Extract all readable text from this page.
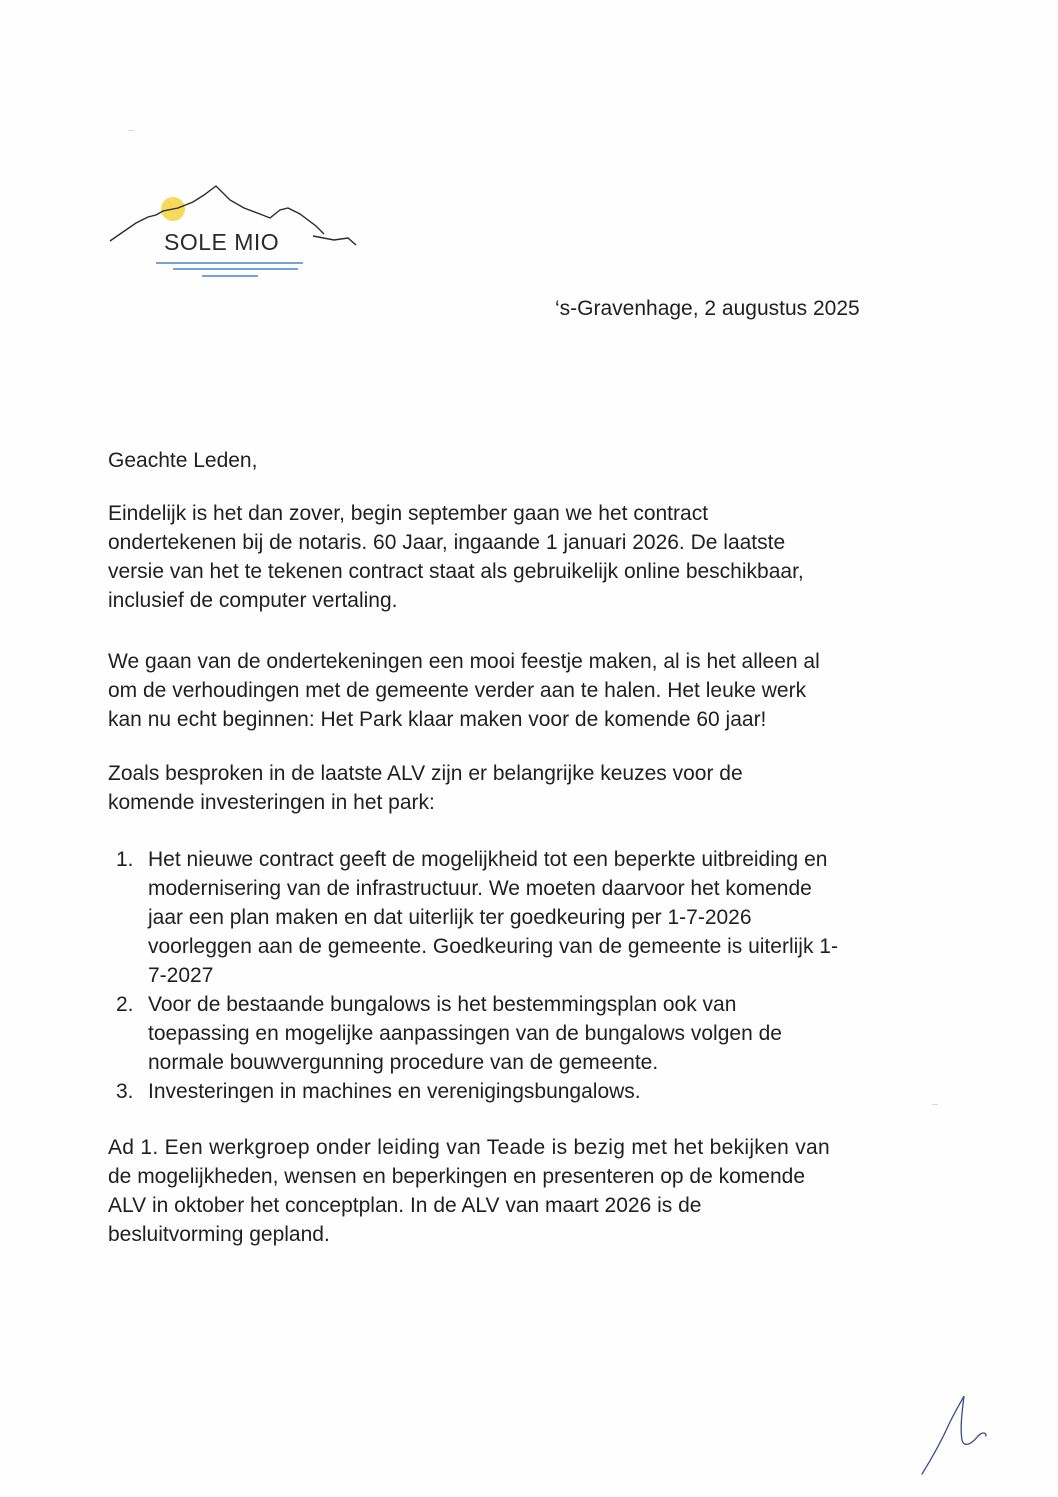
SOLE MIO
‘s-Gravenhage, 2 augustus 2025
Geachte Leden,

Eindelijk is het dan zover, begin september gaan we het contract

ondertekenen bij de notaris. 60 Jaar, ingaande 1 januari 2026. De laatste

versie van het te tekenen contract staat als gebruikelijk online beschikbaar,

inclusief de computer vertaling.

We gaan van de ondertekeningen een mooi feestje maken, al is het alleen al

om de verhoudingen met de gemeente verder aan te halen. Het leuke werk

kan nu echt beginnen: Het Park klaar maken voor de komende 60 jaar!

Zoals besproken in de laatste ALV zijn er belangrijke keuzes voor de

komende investeringen in het park:

1. Het nieuwe contract geeft de mogelijkheid tot een beperkte uitbreiding en
modernisering van de infrastructuur. We moeten daarvoor het komende
jaar een plan maken en dat uiterlijk ter goedkeuring per 1-7-2026
voorleggen aan de gemeente. Goedkeuring van de gemeente is uiterlijk 1-
7-2027
2. Voor de bestaande bungalows is het bestemmingsplan ook van
toepassing en mogelijke aanpassingen van de bungalows volgen de
normale bouwvergunning procedure van de gemeente.
3. Investeringen in machines en verenigingsbungalows.

Ad 1. Een werkgroep onder leiding van Teade is bezig met het bekijken van

de mogelijkheden, wensen en beperkingen en presenteren op de komende

ALV in oktober het conceptplan. In de ALV van maart 2026 is de

besluitvorming gepland.
